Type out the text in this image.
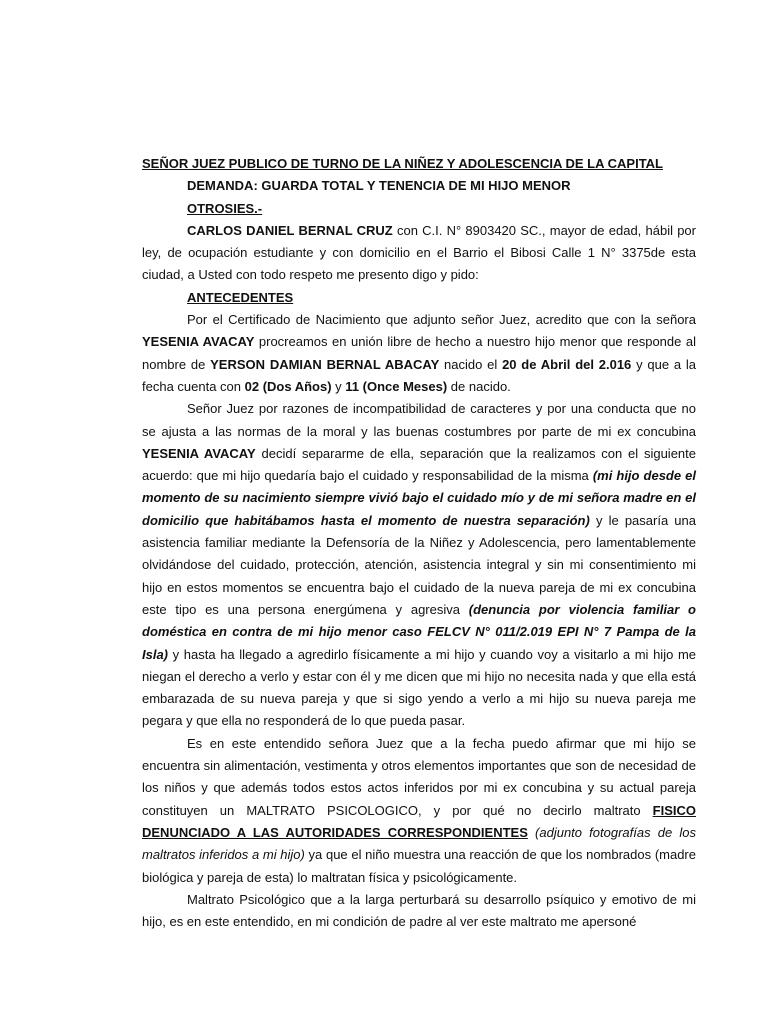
SEÑOR JUEZ PUBLICO DE TURNO DE LA NIÑEZ Y ADOLESCENCIA DE LA CAPITAL

DEMANDA: GUARDA TOTAL Y TENENCIA DE MI HIJO MENOR

OTROSIES.-

CARLOS DANIEL BERNAL CRUZ con C.I. N° 8903420 SC., mayor de edad, hábil por ley, de ocupación estudiante y con domicilio en el Barrio el Bibosi Calle 1 N° 3375de esta ciudad, a Usted con todo respeto me presento digo y pido:

ANTECEDENTES

Por el Certificado de Nacimiento que adjunto señor Juez, acredito que con la señora YESENIA AVACAY procreamos en unión libre de hecho a nuestro hijo menor que responde al nombre de YERSON DAMIAN BERNAL ABACAY nacido el 20 de Abril del 2.016 y que a la fecha cuenta con 02 (Dos Años) y 11 (Once Meses) de nacido.

Señor Juez por razones de incompatibilidad de caracteres y por una conducta que no se ajusta a las normas de la moral y las buenas costumbres por parte de mi ex concubina YESENIA AVACAY decidí separarme de ella, separación que la realizamos con el siguiente acuerdo: que mi hijo quedaría bajo el cuidado y responsabilidad de la misma (mi hijo desde el momento de su nacimiento siempre vivió bajo el cuidado mío y de mi señora madre en el domicilio que habitábamos hasta el momento de nuestra separación) y le pasaría una asistencia familiar mediante la Defensoría de la Niñez y Adolescencia, pero lamentablemente olvidándose del cuidado, protección, atención, asistencia integral y sin mi consentimiento mi hijo en estos momentos se encuentra bajo el cuidado de la nueva pareja de mi ex concubina este tipo es una persona energúmena y agresiva (denuncia por violencia familiar o doméstica en contra de mi hijo menor caso FELCV N° 011/2.019 EPI N° 7 Pampa de la Isla) y hasta ha llegado a agredirlo físicamente a mi hijo y cuando voy a visitarlo a mi hijo me niegan el derecho a verlo y estar con él y me dicen que mi hijo no necesita nada y que ella está embarazada de su nueva pareja y que si sigo yendo a verlo a mi hijo su nueva pareja me pegara y que ella no responderá de lo que pueda pasar.

Es en este entendido señora Juez que a la fecha puedo afirmar que mi hijo se encuentra sin alimentación, vestimenta y otros elementos importantes que son de necesidad de los niños y que además todos estos actos inferidos por mi ex concubina y su actual pareja constituyen un MALTRATO PSICOLOGICO, y por qué no decirlo maltrato FISICO DENUNCIADO A LAS AUTORIDADES CORRESPONDIENTES (adjunto fotografías de los maltratos inferidos a mi hijo) ya que el niño muestra una reacción de que los nombrados (madre biológica y pareja de esta) lo maltratan física y psicológicamente.

Maltrato Psicológico que a la larga perturbará su desarrollo psíquico y emotivo de mi hijo, es en este entendido, en mi condición de padre al ver este maltrato me apersoné
